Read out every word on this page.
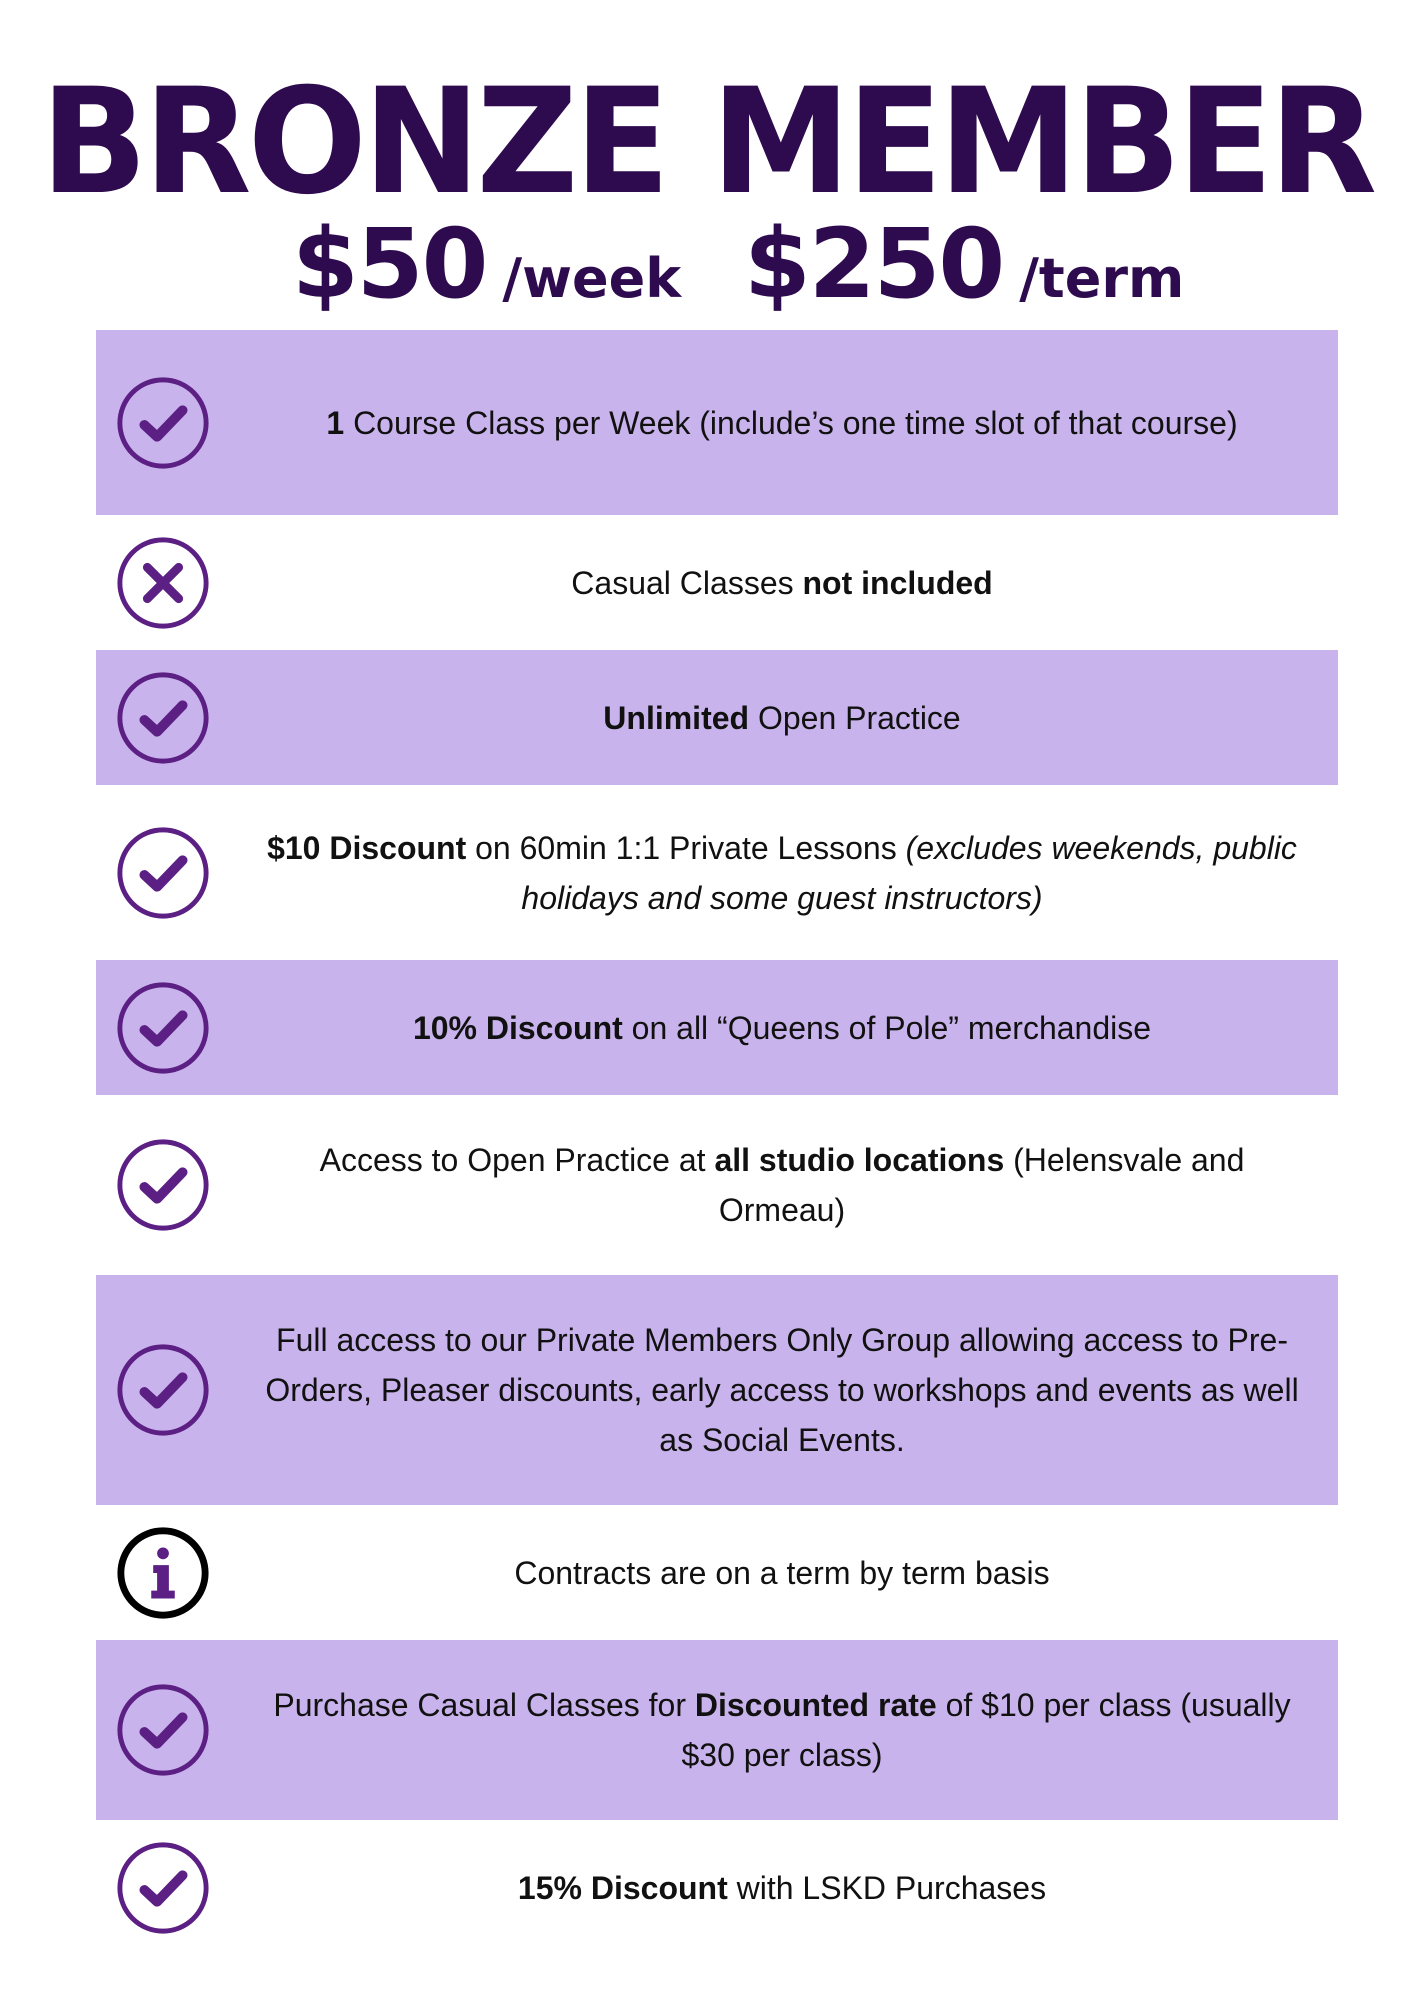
BRONZE MEMBER
$50 /week $250 /term
1 Course Class per Week (include’s one time slot of that course)
Casual Classes not included
Unlimited Open Practice
$10 Discount on 60min 1:1 Private Lessons (excludes weekends, public holidays and some guest instructors)
10% Discount on all “Queens of Pole” merchandise
Access to Open Practice at all studio locations (Helensvale and Ormeau)
Full access to our Private Members Only Group allowing access to Pre-Orders, Pleaser discounts, early access to workshops and events as well as Social Events.
Contracts are on a term by term basis
Purchase Casual Classes for Discounted rate of $10 per class (usually $30 per class)
15% Discount with LSKD Purchases
